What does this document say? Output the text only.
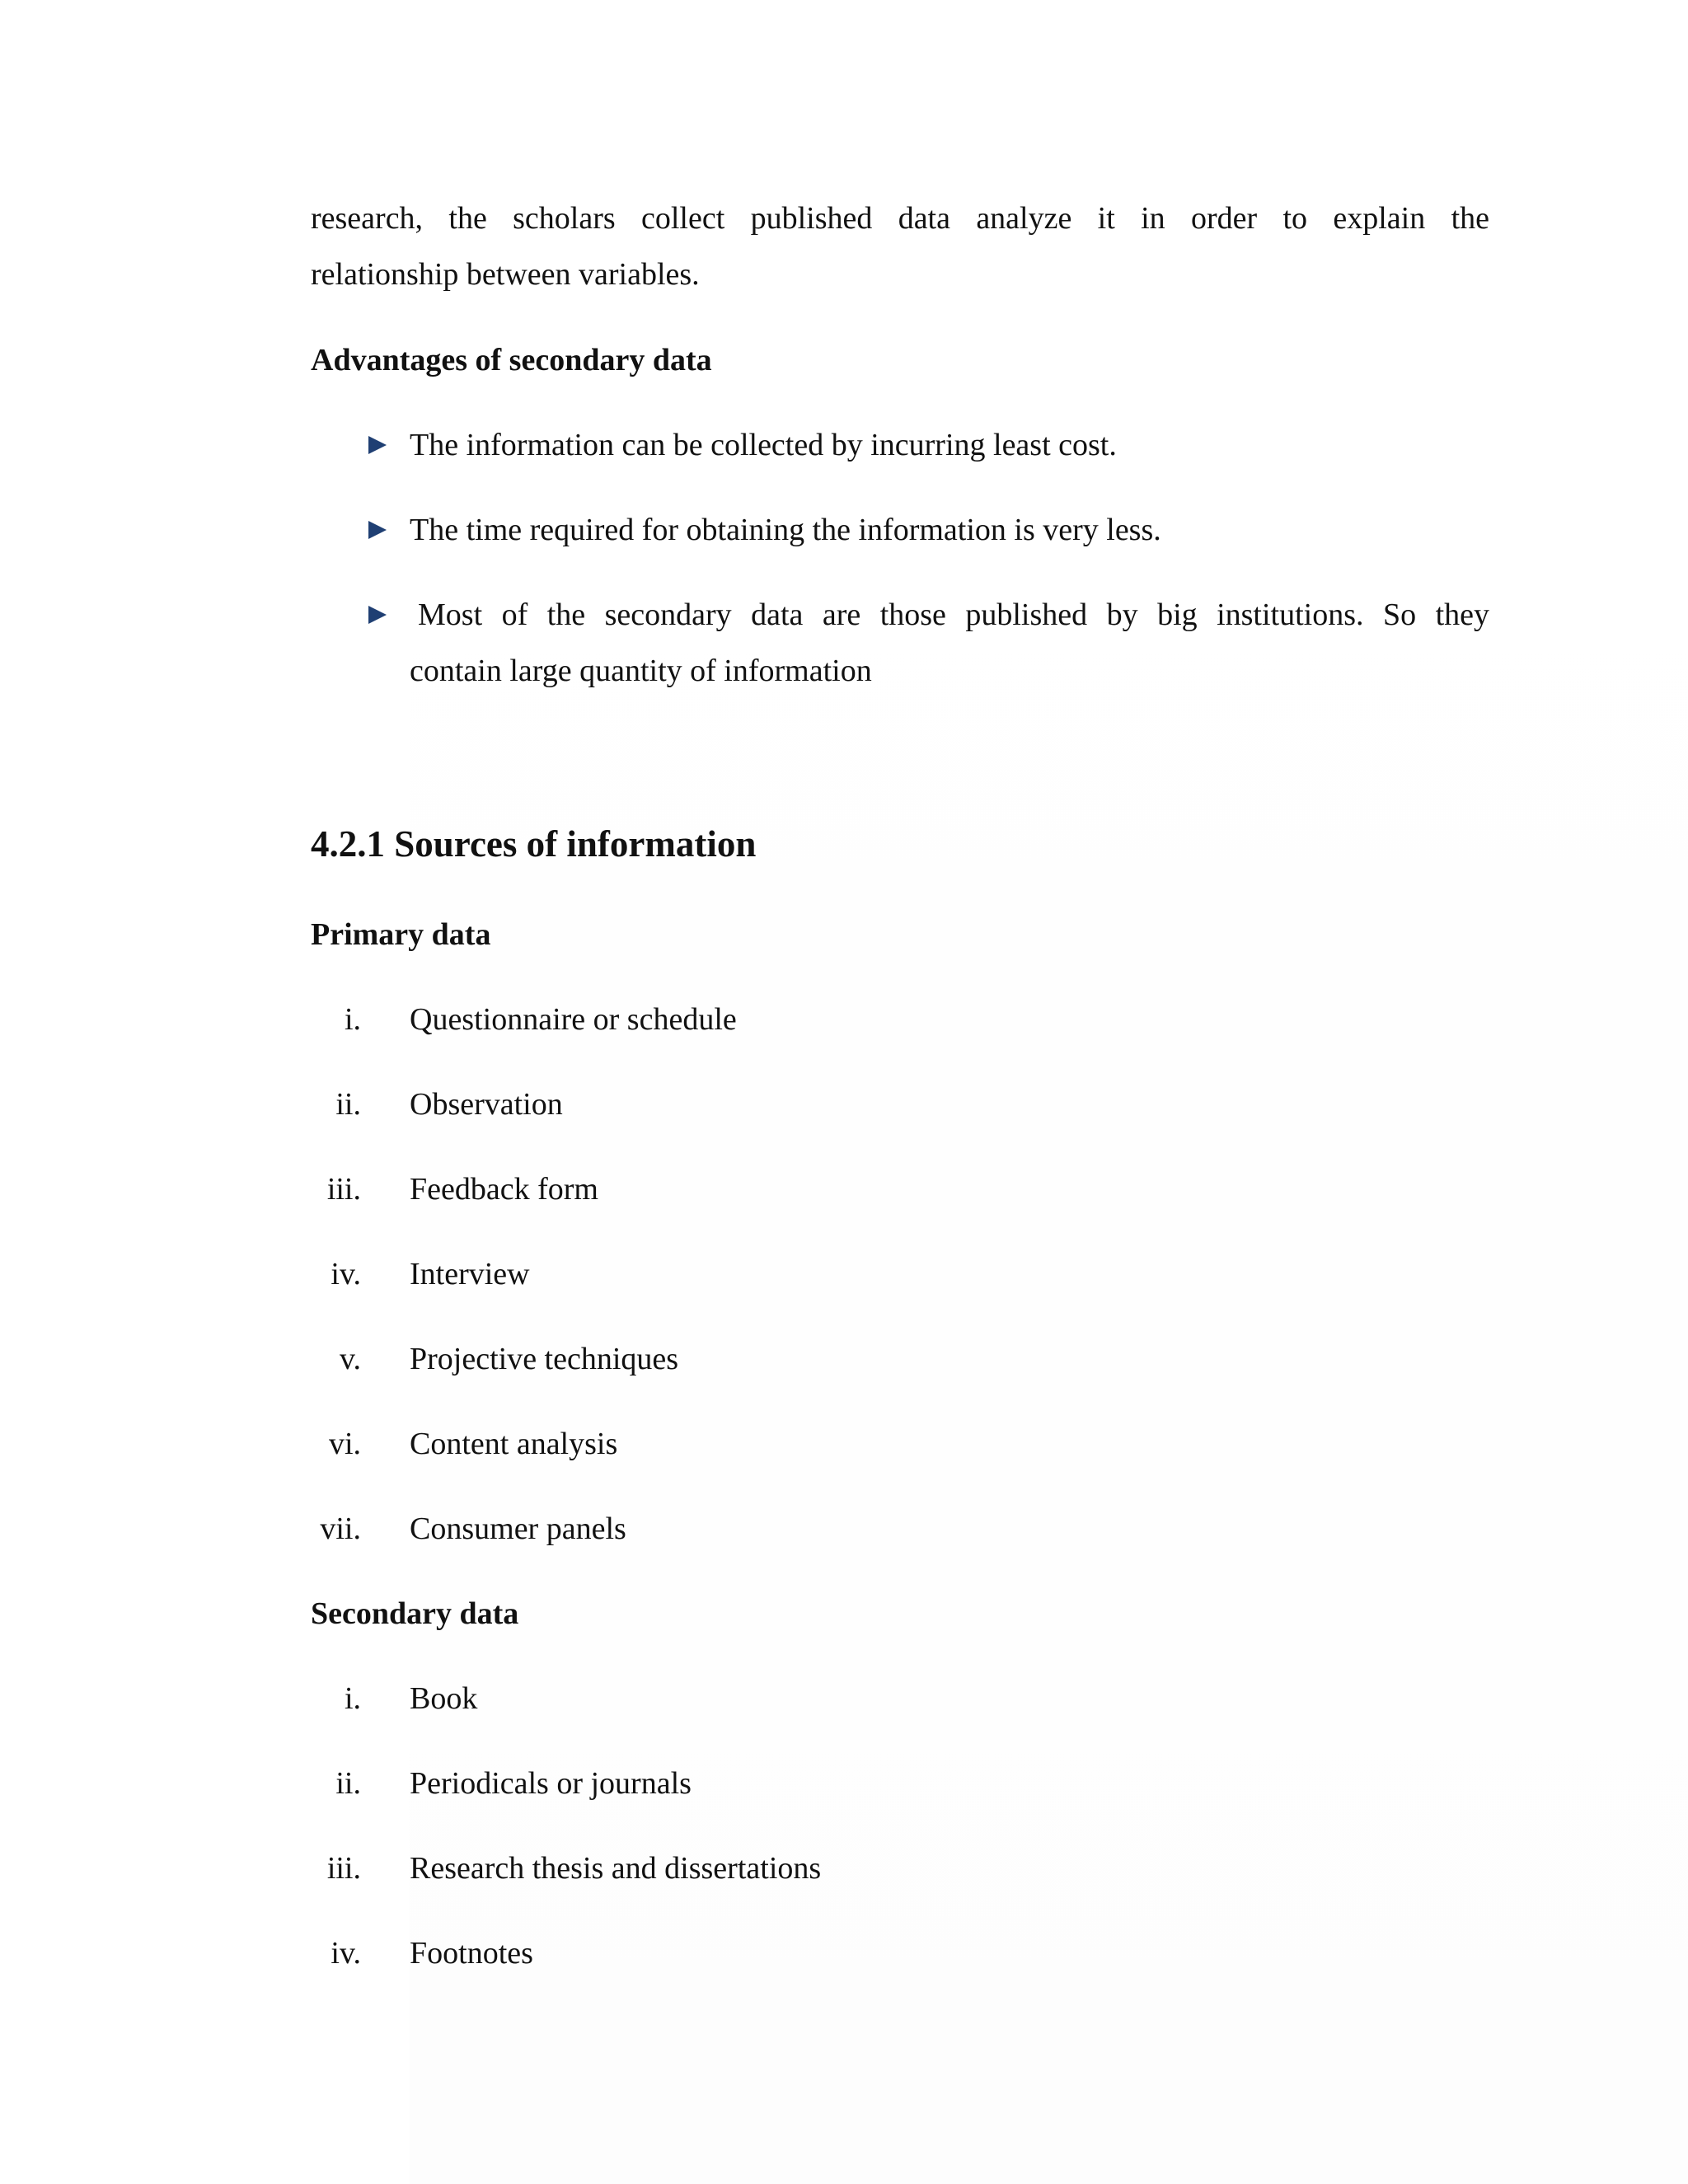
research, the scholars collect published data analyze it in order to explain the
relationship between variables.
Advantages of secondary data
The information can be collected by incurring least cost.
The time required for obtaining the information is very less.
Most of the secondary data are those published by big institutions. So they
contain large quantity of information
4.2.1 Sources of information
Primary data
i. Questionnaire or schedule
ii. Observation
iii. Feedback form
iv. Interview
v. Projective techniques
vi. Content analysis
vii. Consumer panels
Secondary data
i. Book
ii. Periodicals or journals
iii. Research thesis and dissertations
iv. Footnotes
